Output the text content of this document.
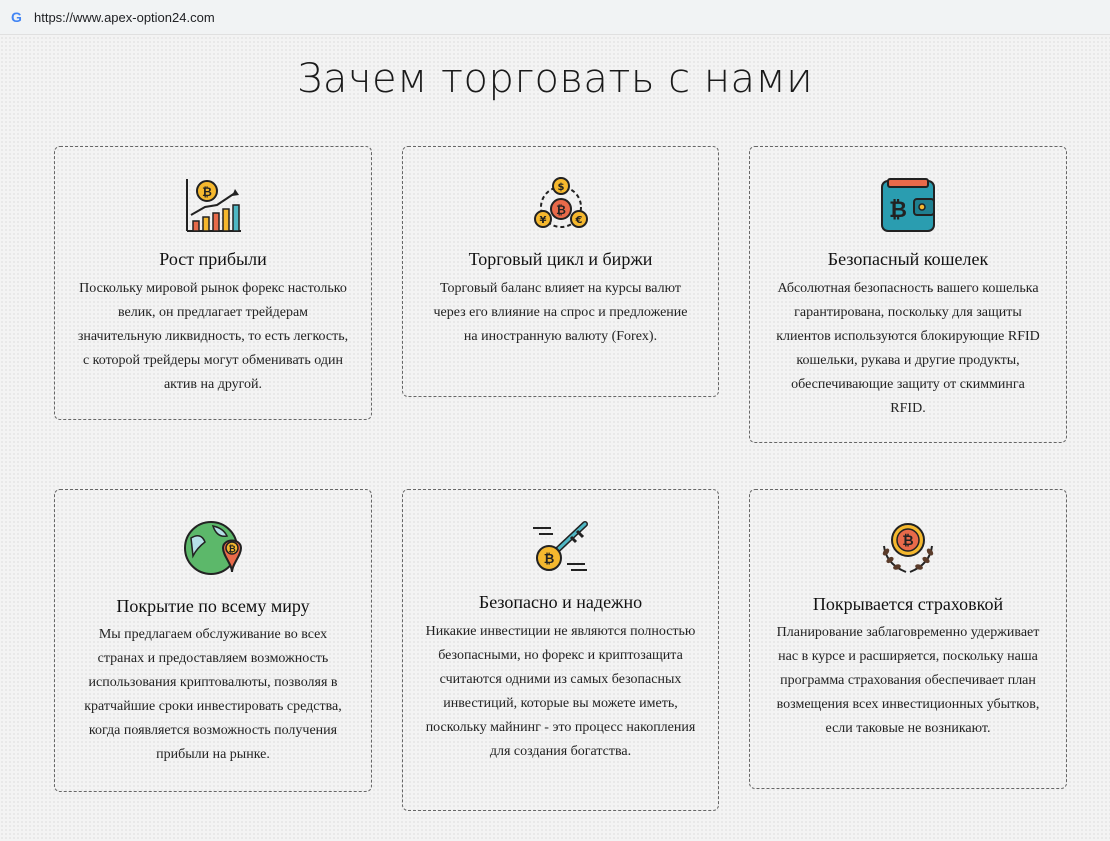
G https://www.apex-option24.com
Зачем торговать с нами
₿
Рост прибыли
Поскольку мировой рынок форекс настолько велик, он предлагает трейдерам значительную ликвидность, то есть легкость, с которой трейдеры могут обменивать один актив на другой.
$
¥	€
₿
Торговый цикл и биржи
Торговый баланс влияет на курсы валют через его влияние на спрос и предложение на иностранную валюту (Forex).
₿
Безопасный кошелек
Абсолютная безопасность вашего кошелька гарантирована, поскольку для защиты клиентов используются блокирующие RFID кошельки, рукава и другие продукты, обеспечивающие защиту от скимминга RFID.
₿
Покрытие по всему миру
Мы предлагаем обслуживание во всех странах и предоставляем возможность использования криптовалюты, позволяя в кратчайшие сроки инвестировать средства, когда появляется возможность получения прибыли на рынке.
₿
Безопасно и надежно
Никакие инвестиции не являются полностью безопасными, но форекс и криптозащита считаются одними из самых безопасных инвестиций, которые вы можете иметь, поскольку майнинг - это процесс накопления для создания богатства.
₿
Покрывается страховкой
Планирование заблаговременно удерживает нас в курсе и расширяется, поскольку наша программа страхования обеспечивает план возмещения всех инвестиционных убытков, если таковые не возникают.
